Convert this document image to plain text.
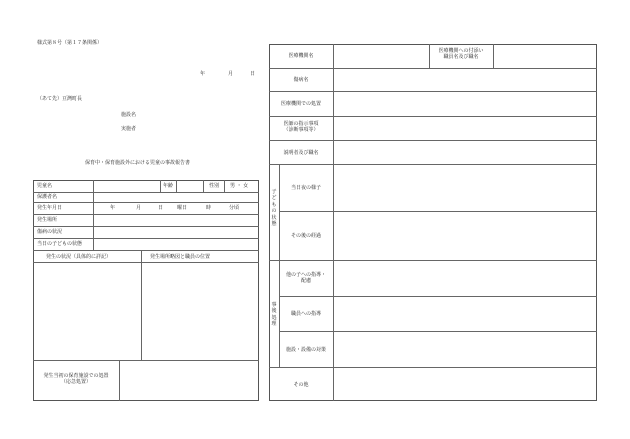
様式第８号（第１７条関係）
年	月	日
（あて先）豆灣町長
施設名
実施者
保育中・保育施設外における児童の事故報告書
児童名	年齢	性別 男 ・ 女
保護者名
発生年月日	年	月	日	曜日	時	分頃
発生場所
傷病の状況
当日の子どもの状態
発生の状況（具体的に詳記）	発生場所略図と職員の位置
発生当初の保育施設での処置
（応急処置）
医療機関名
医療機関への付添い
職員名及び職名
傷病名
医療機関での処置
医師の指示事項
（診断事項等）
説明者及び職名
子どもの状態
当日夜の様子
その後の経過
事後処理
他の子への指導・
配慮
職員への指導
施設・設備の対策
その他
